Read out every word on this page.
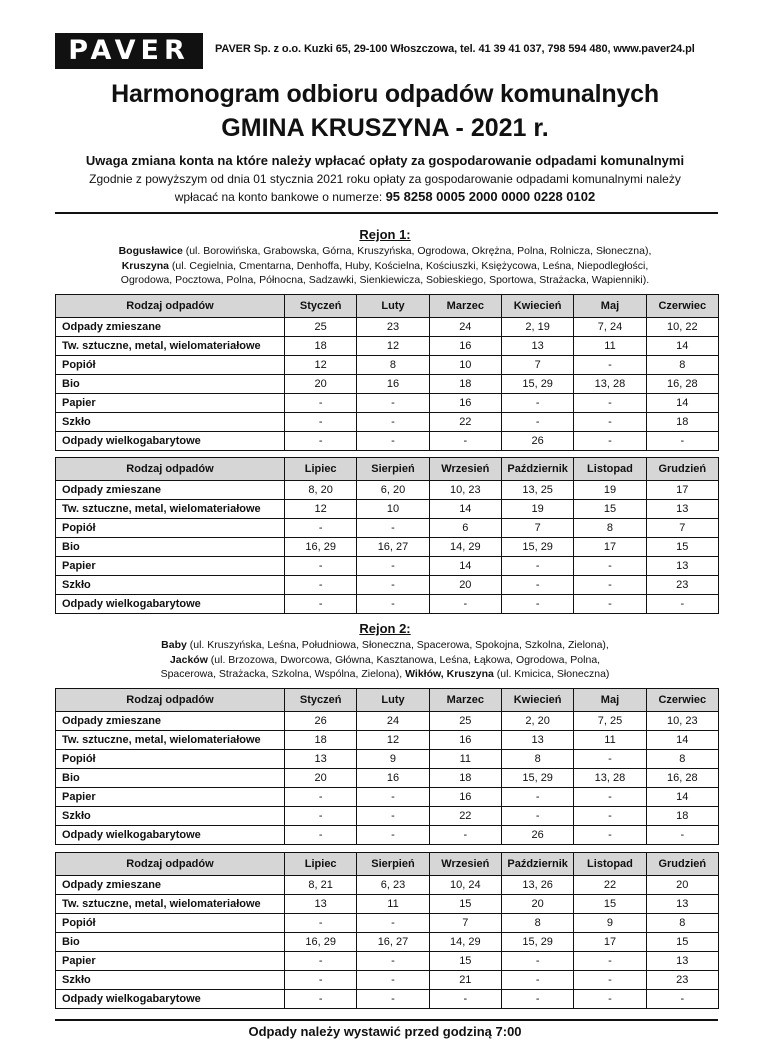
PAVER	PAVER Sp. z o.o. Kuzki 65, 29-100 Włoszczowa, tel. 41 39 41 037, 798 594 480, www.paver24.pl
Harmonogram odbioru odpadów komunalnych
GMINA KRUSZYNA - 2021 r.
Uwaga zmiana konta na które należy wpłacać opłaty za gospodarowanie odpadami komunalnymi
Zgodnie z powyższym od dnia 01 stycznia 2021 roku opłaty za gospodarowanie odpadami komunalnymi należy
wpłacać na konto bankowe o numerze: 95 8258 0005 2000 0000 0228 0102
Rejon 1:
Bogusławice (ul. Borowińska, Grabowska, Górna, Kruszyńska, Ogrodowa, Okrężna, Polna, Rolnicza, Słoneczna),
Kruszyna (ul. Cegielnia, Cmentarna, Denhoffa, Huby, Kościelna, Kościuszki, Księżycowa, Leśna, Niepodległości,
Ogrodowa, Pocztowa, Polna, Północna, Sadzawki, Sienkiewicza, Sobieskiego, Sportowa, Strażacka, Wapienniki).
Rodzaj odpadów	Styczeń	Luty	Marzec	Kwiecień	Maj	Czerwiec
Odpady zmieszane	25	23	24	2, 19	7, 24	10, 22
Tw. sztuczne, metal, wielomateriałowe	18	12	16	13	11	14
Popiół	12	8	10	7	-	8
Bio	20	16	18	15, 29	13, 28	16, 28
Papier	-	-	16	-	-	14
Szkło	-	-	22	-	-	18
Odpady wielkogabarytowe	-	-	-	26	-	-
Rodzaj odpadów	Lipiec	Sierpień	Wrzesień	Październik	Listopad	Grudzień
Odpady zmieszane	8, 20	6, 20	10, 23	13, 25	19	17
Tw. sztuczne, metal, wielomateriałowe	12	10	14	19	15	13
Popiół	-	-	6	7	8	7
Bio	16, 29	16, 27	14, 29	15, 29	17	15
Papier	-	-	14	-	-	13
Szkło	-	-	20	-	-	23
Odpady wielkogabarytowe	-	-	-	-	-	-
Rejon 2:
Baby (ul. Kruszyńska, Leśna, Południowa, Słoneczna, Spacerowa, Spokojna, Szkolna, Zielona),
Jacków (ul. Brzozowa, Dworcowa, Główna, Kasztanowa, Leśna, Łąkowa, Ogrodowa, Polna,
Spacerowa, Strażacka, Szkolna, Wspólna, Zielona), Wikłów, Kruszyna (ul. Kmicica, Słoneczna)
Rodzaj odpadów	Styczeń	Luty	Marzec	Kwiecień	Maj	Czerwiec
Odpady zmieszane	26	24	25	2, 20	7, 25	10, 23
Tw. sztuczne, metal, wielomateriałowe	18	12	16	13	11	14
Popiół	13	9	11	8	-	8
Bio	20	16	18	15, 29	13, 28	16, 28
Papier	-	-	16	-	-	14
Szkło	-	-	22	-	-	18
Odpady wielkogabarytowe	-	-	-	26	-	-
Rodzaj odpadów	Lipiec	Sierpień	Wrzesień	Październik	Listopad	Grudzień
Odpady zmieszane	8, 21	6, 23	10, 24	13, 26	22	20
Tw. sztuczne, metal, wielomateriałowe	13	11	15	20	15	13
Popiół	-	-	7	8	9	8
Bio	16, 29	16, 27	14, 29	15, 29	17	15
Papier	-	-	15	-	-	13
Szkło	-	-	21	-	-	23
Odpady wielkogabarytowe	-	-	-	-	-	-
Odpady należy wystawić przed godziną 7:00
